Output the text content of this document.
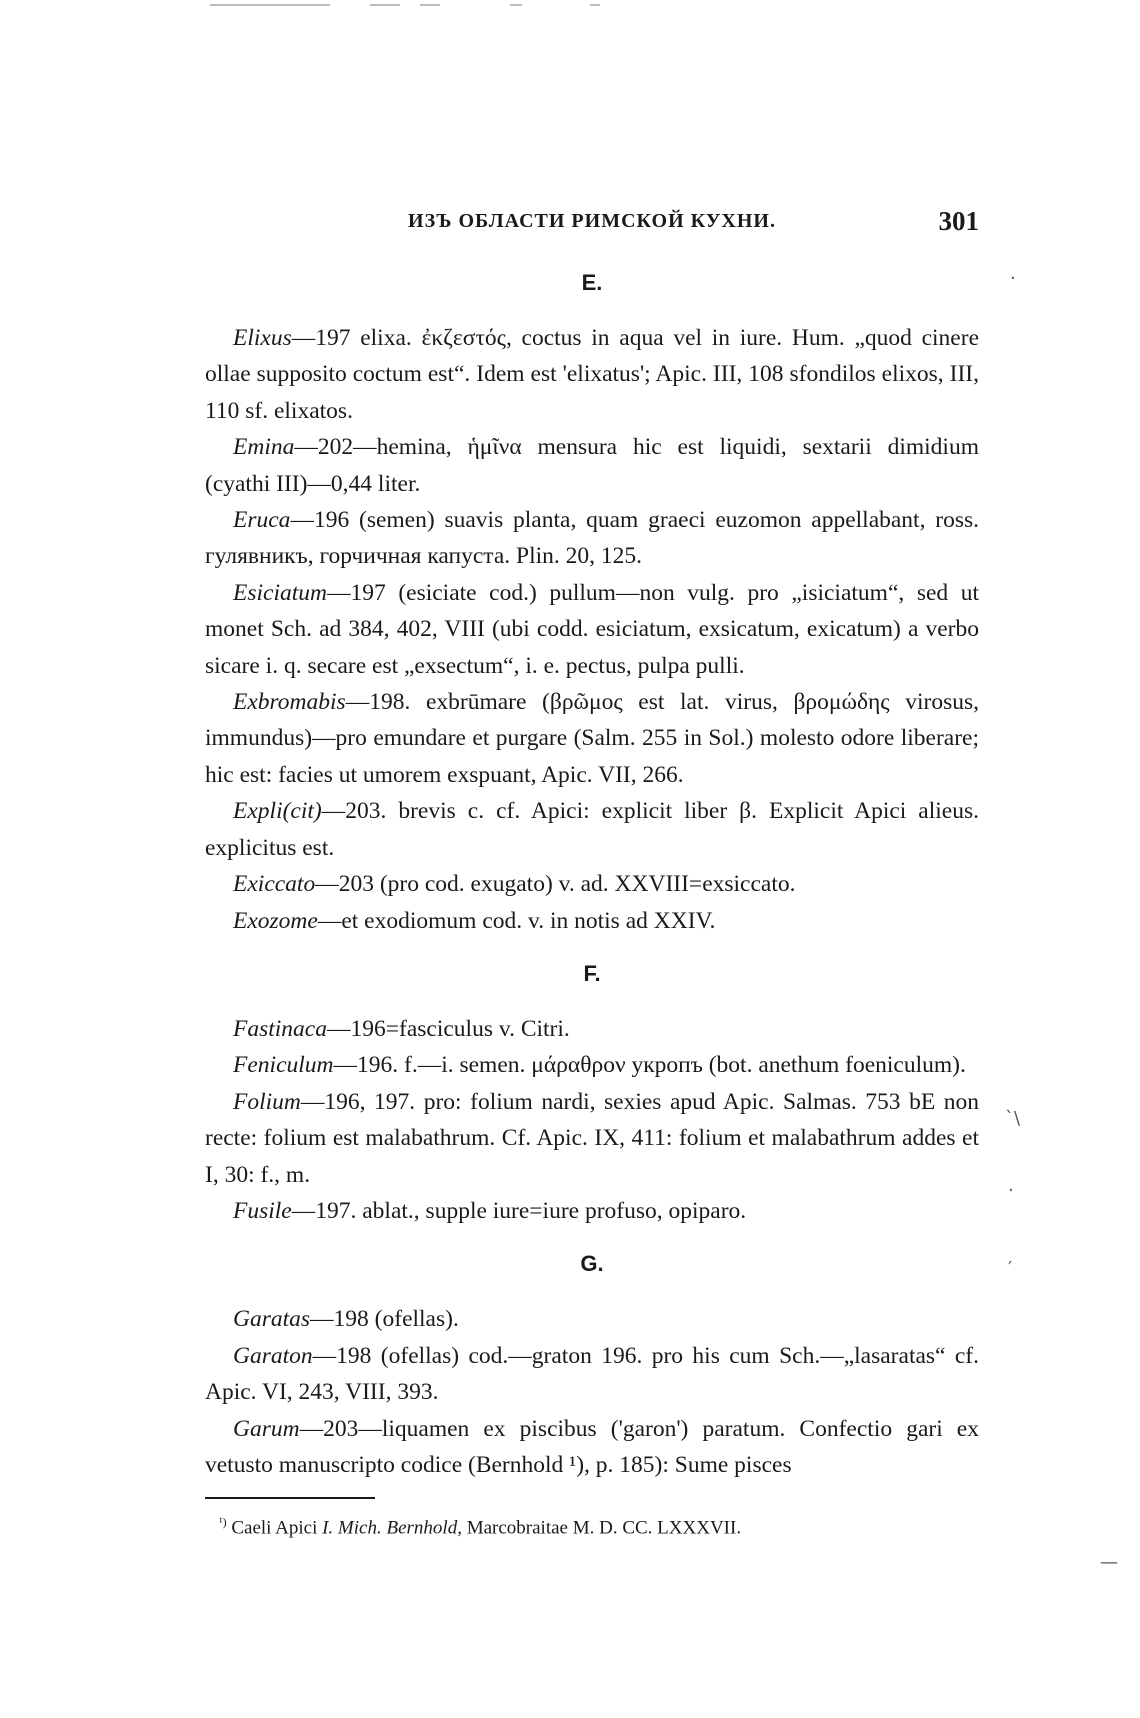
ИЗЪ ОБЛАСТИ РИМСКОЙ КУХНИ.	301
E.

Elixus—197 elixa. ἐκζεστός, coctus in aqua vel in iure. Hum. „quod cinere ollae supposito coctum est“. Idem est 'elixatus'; Apic. III, 108 sfondilos elixos, III, 110 sf. elixatos.

Emina—202—hemina, ἡμῖνα mensura hic est liquidi, sextarii dimidium (cyathi III)—0,44 liter.

Eruca—196 (semen) suavis planta, quam graeci euzomon appellabant, ross. гулявникъ, горчичная капуста. Plin. 20, 125.

Esiciatum—197 (esiciate cod.) pullum—non vulg. pro „isiciatum“, sed ut monet Sch. ad 384, 402, VIII (ubi codd. esiciatum, exsicatum, exicatum) a verbo sicare i. q. secare est „exsectum“, i. e. pectus, pulpa pulli.

Exbromabis—198. exbrūmare (βρῶμος est lat. virus, βρομώδης virosus, immundus)—pro emundare et purgare (Salm. 255 in Sol.) molesto odore liberare; hic est: facies ut umorem exspuant, Apic. VII, 266.

Expli(cit)—203. brevis c. cf. Apici: explicit liber β. Explicit Apici alieus. explicitus est.

Exiccato—203 (pro cod. exugato) v. ad. XXVIII=exsiccato.

Exozome—et exodiomum cod. v. in notis ad XXIV.

F.

Fastinaca—196=fasciculus v. Citri.

Feniculum—196. f.—i. semen. μάραθρον укропъ (bot. anethum foeniculum).

Folium—196, 197. pro: folium nardi, sexies apud Apic. Salmas. 753 bE non recte: folium est malabathrum. Cf. Apic. IX, 411: folium et malabathrum addes et I, 30: f., m.

Fusile—197. ablat., supple iure=iure profuso, opiparo.

G.

Garatas—198 (ofellas).

Garaton—198 (ofellas) cod.—graton 196. pro his cum Sch.—„lasaratas“ cf. Apic. VI, 243, VIII, 393.

Garum—203—liquamen ex piscibus ('garon') paratum. Confectio gari ex vetusto manuscripto codice (Bernhold ¹), p. 185): Sume pisces

$^{^1)}$ Caeli Apici I. Mich. Bernhold, Marcobraitae M. D. CC. LXXXVII.

·
`\
·
′
—
